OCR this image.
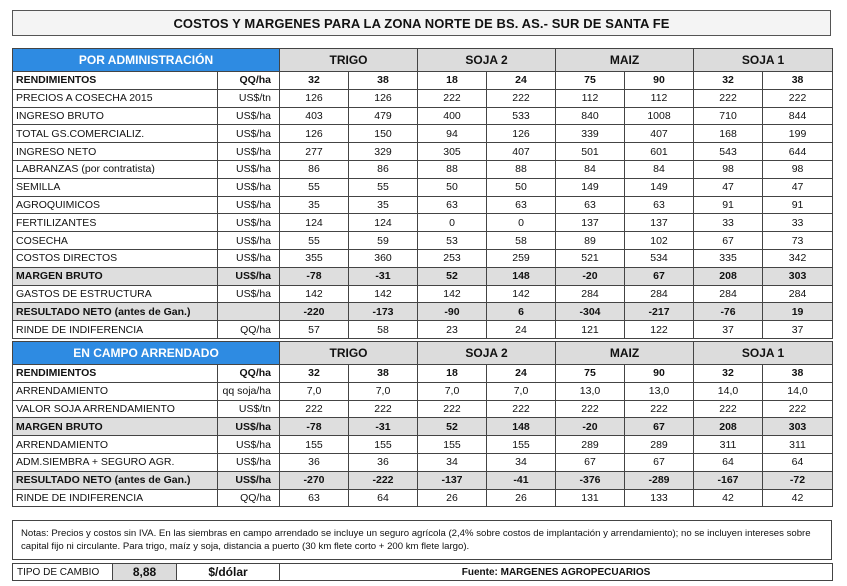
COSTOS Y MARGENES PARA LA ZONA NORTE DE BS. AS.- SUR DE SANTA FE
POR ADMINISTRACIÓN		TRIGO		SOJA 2		MAIZ		SOJA 1	
RENDIMIENTOS	QQ/ha	32	38	18	24	75	90	32	38
PRECIOS A COSECHA 2015	US$/tn	126	126	222	222	112	112	222	222
INGRESO BRUTO	US$/ha	403	479	400	533	840	1008	710	844
TOTAL GS.COMERCIALIZ.	US$/ha	126	150	94	126	339	407	168	199
INGRESO NETO	US$/ha	277	329	305	407	501	601	543	644
LABRANZAS (por contratista)	US$/ha	86	86	88	88	84	84	98	98
SEMILLA	US$/ha	55	55	50	50	149	149	47	47
AGROQUIMICOS	US$/ha	35	35	63	63	63	63	91	91
FERTILIZANTES	US$/ha	124	124	0	0	137	137	33	33
COSECHA	US$/ha	55	59	53	58	89	102	67	73
COSTOS DIRECTOS	US$/ha	355	360	253	259	521	534	335	342
MARGEN BRUTO	US$/ha	-78	-31	52	148	-20	67	208	303
GASTOS DE ESTRUCTURA	US$/ha	142	142	142	142	284	284	284	284
RESULTADO NETO (antes de Gan.)		-220	-173	-90	6	-304	-217	-76	19
RINDE DE INDIFERENCIA	QQ/ha	57	58	23	24	121	122	37	37
EN CAMPO ARRENDADO		TRIGO		SOJA 2		MAIZ		SOJA 1	
RENDIMIENTOS	QQ/ha	32	38	18	24	75	90	32	38
ARRENDAMIENTO	qq soja/ha	7,0	7,0	7,0	7,0	13,0	13,0	14,0	14,0
VALOR SOJA ARRENDAMIENTO	US$/tn	222	222	222	222	222	222	222	222
MARGEN BRUTO	US$/ha	-78	-31	52	148	-20	67	208	303
ARRENDAMIENTO	US$/ha	155	155	155	155	289	289	311	311
ADM.SIEMBRA + SEGURO AGR.	US$/ha	36	36	34	34	67	67	64	64
RESULTADO NETO (antes de Gan.)	US$/ha	-270	-222	-137	-41	-376	-289	-167	-72
RINDE DE INDIFERENCIA	QQ/ha	63	64	26	26	131	133	42	42
Notas: Precios y costos sin IVA. En las siembras en campo arrendado se incluye un seguro agrícola (2,4% sobre costos de implantación y arrendamiento); no se incluyen intereses sobre capital fijo ni circulante. Para trigo, maíz y soja, distancia a puerto (30 km flete corto + 200 km flete largo).
TIPO DE CAMBIO	8,88	$/dólar	Fuente: MARGENES AGROPECUARIOS
